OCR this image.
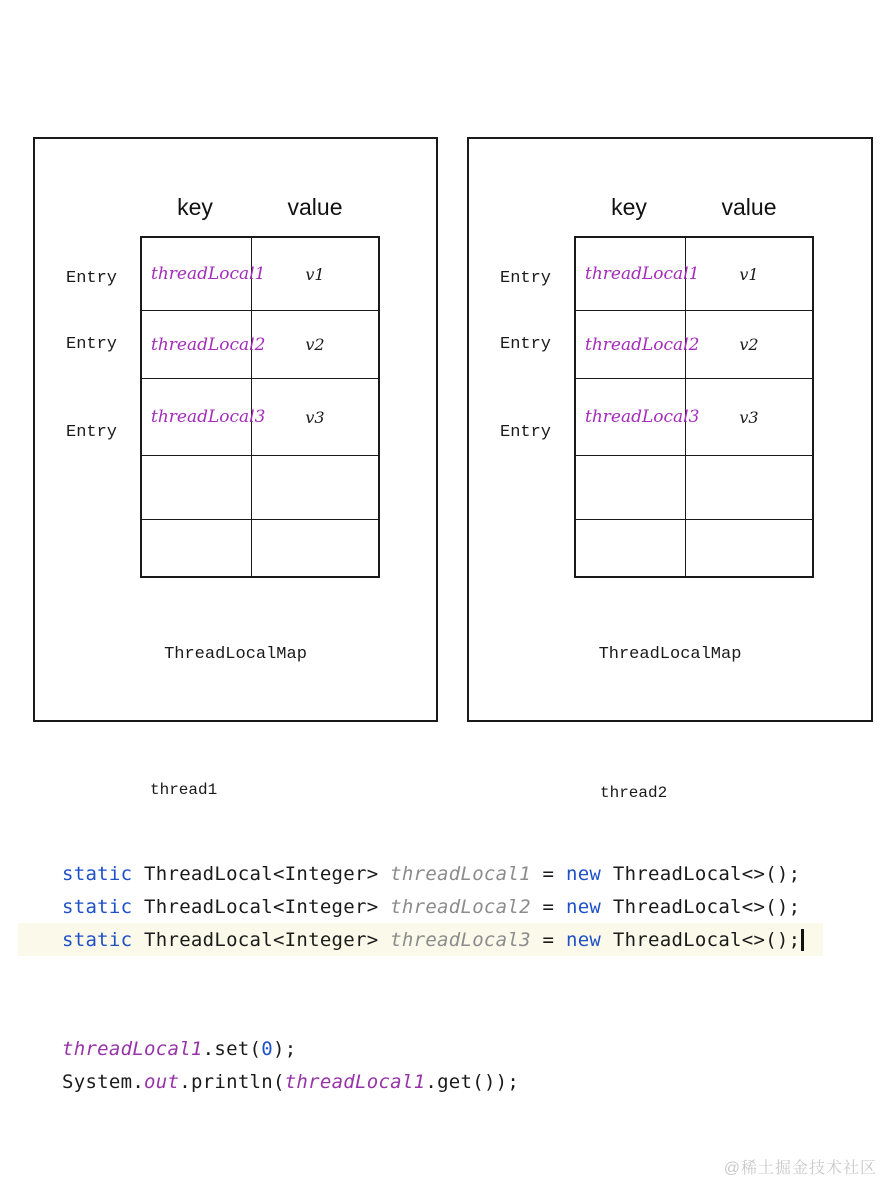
key	value
Entry
Entry
Entry
threadLocal1 v1
threadLocal2 v2
threadLocal3 v3
ThreadLocalMap
key	value
Entry
Entry
Entry
threadLocal1 v1
threadLocal2 v2
threadLocal3 v3
ThreadLocalMap
thread1	thread2
static ThreadLocal<Integer> threadLocal1 = new ThreadLocal<>();
static ThreadLocal<Integer> threadLocal2 = new ThreadLocal<>();
static ThreadLocal<Integer> threadLocal3 = new ThreadLocal<>();
threadLocal1 .set( 0 );
System. out .println( threadLocal1 .get());
@稀土掘金技术社区
